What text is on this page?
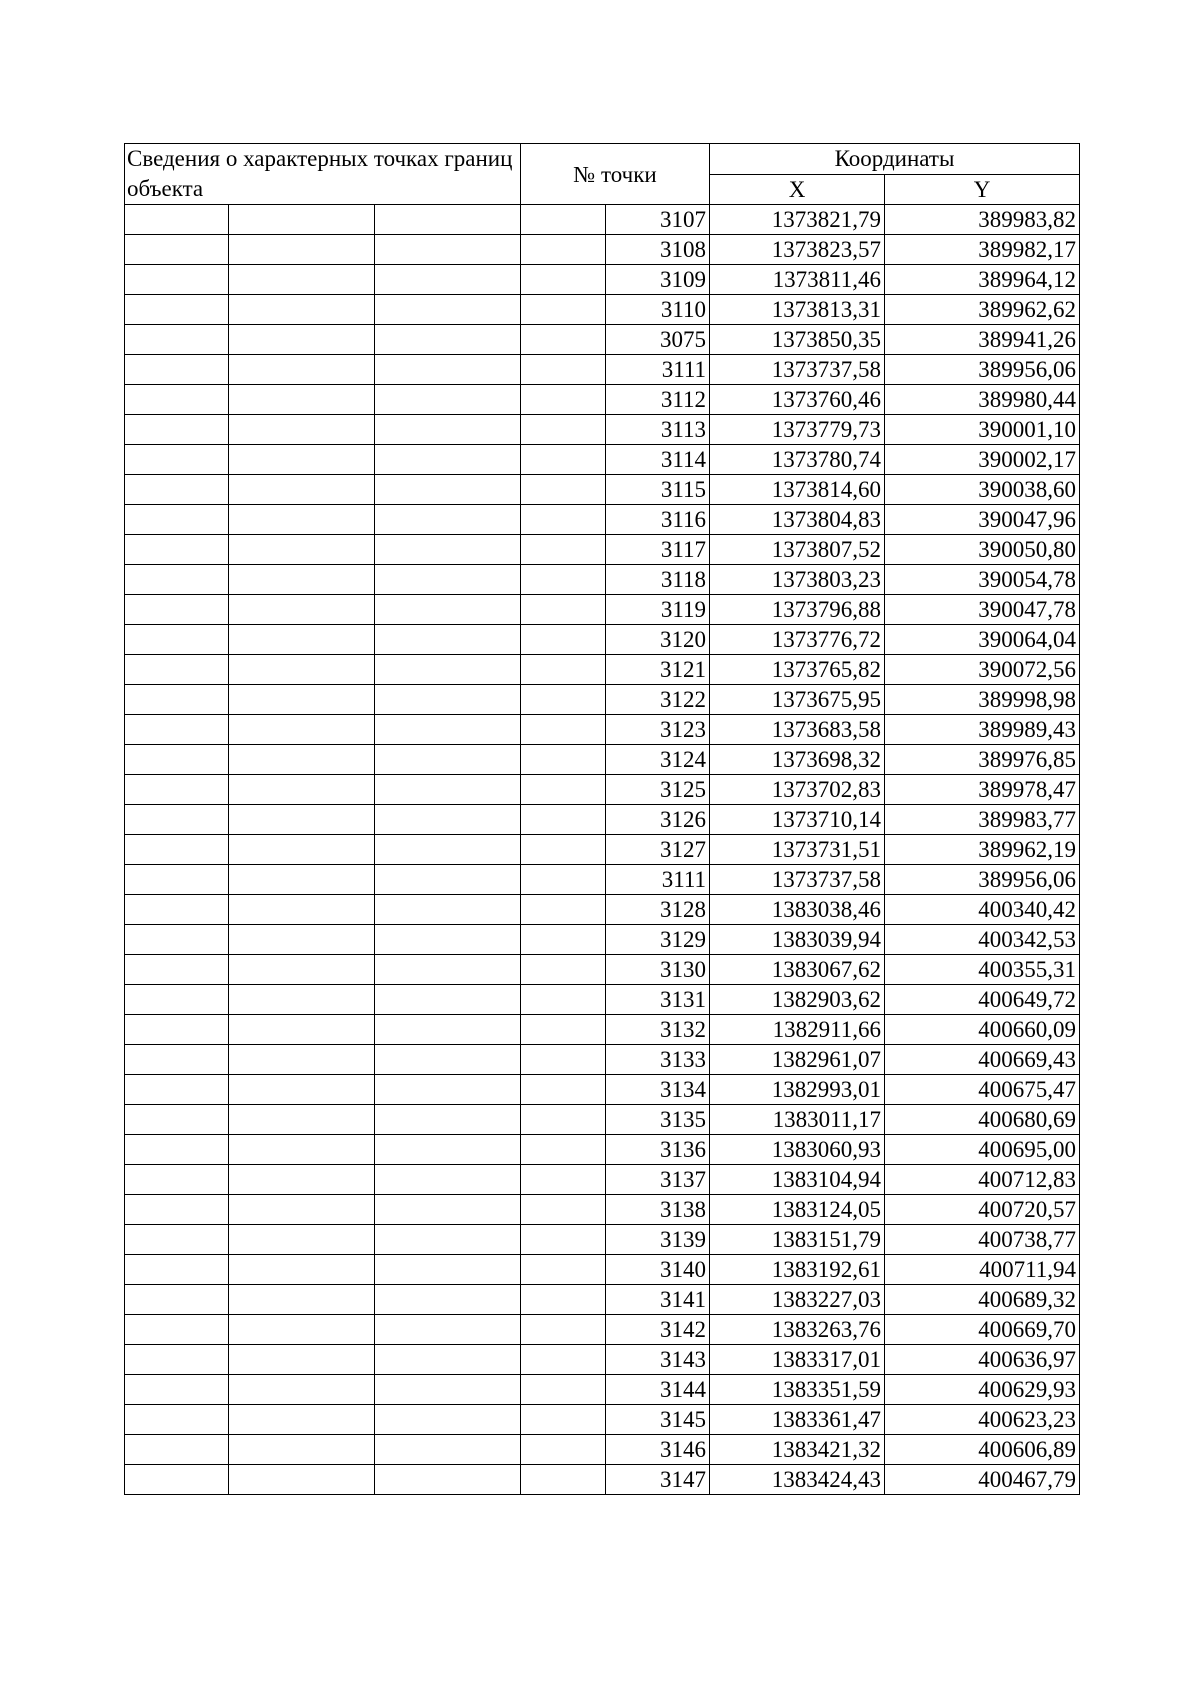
Сведения о характерных точках границ объекта			№ точки		Координаты	
					X	Y
				3107	1373821,79	389983,82
				3108	1373823,57	389982,17
				3109	1373811,46	389964,12
				3110	1373813,31	389962,62
				3075	1373850,35	389941,26
				3111	1373737,58	389956,06
				3112	1373760,46	389980,44
				3113	1373779,73	390001,10
				3114	1373780,74	390002,17
				3115	1373814,60	390038,60
				3116	1373804,83	390047,96
				3117	1373807,52	390050,80
				3118	1373803,23	390054,78
				3119	1373796,88	390047,78
				3120	1373776,72	390064,04
				3121	1373765,82	390072,56
				3122	1373675,95	389998,98
				3123	1373683,58	389989,43
				3124	1373698,32	389976,85
				3125	1373702,83	389978,47
				3126	1373710,14	389983,77
				3127	1373731,51	389962,19
				3111	1373737,58	389956,06
				3128	1383038,46	400340,42
				3129	1383039,94	400342,53
				3130	1383067,62	400355,31
				3131	1382903,62	400649,72
				3132	1382911,66	400660,09
				3133	1382961,07	400669,43
				3134	1382993,01	400675,47
				3135	1383011,17	400680,69
				3136	1383060,93	400695,00
				3137	1383104,94	400712,83
				3138	1383124,05	400720,57
				3139	1383151,79	400738,77
				3140	1383192,61	400711,94
				3141	1383227,03	400689,32
				3142	1383263,76	400669,70
				3143	1383317,01	400636,97
				3144	1383351,59	400629,93
				3145	1383361,47	400623,23
				3146	1383421,32	400606,89
				3147	1383424,43	400467,79
